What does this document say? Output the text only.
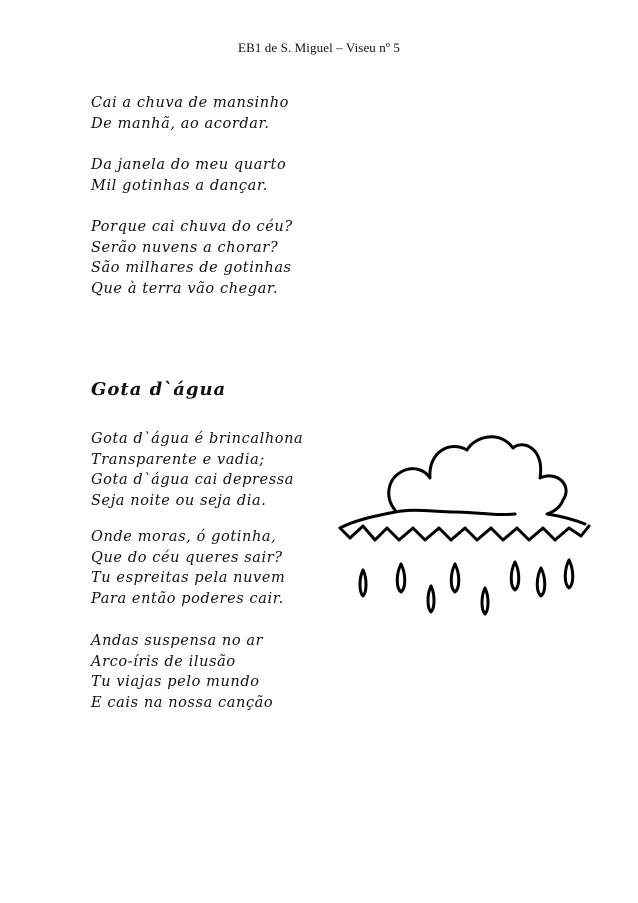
EB1 de S. Miguel – Viseu nº 5
Cai a chuva de mansinho
De manhã, ao acordar.
Da janela do meu quarto
Mil gotinhas a dançar.
Porque cai chuva do céu?
Serão nuvens a chorar?
São milhares de gotinhas
Que à terra vão chegar.
Gota d`água
Gota d`água é brincalhona
Transparente e vadia;
Gota d`água cai depressa
Seja noite ou seja dia.
Onde moras, ó gotinha,
Que do céu queres sair?
Tu espreitas pela nuvem
Para então poderes cair.
Andas suspensa no ar
Arco-íris de ilusão
Tu viajas pelo mundo
E cais na nossa canção
